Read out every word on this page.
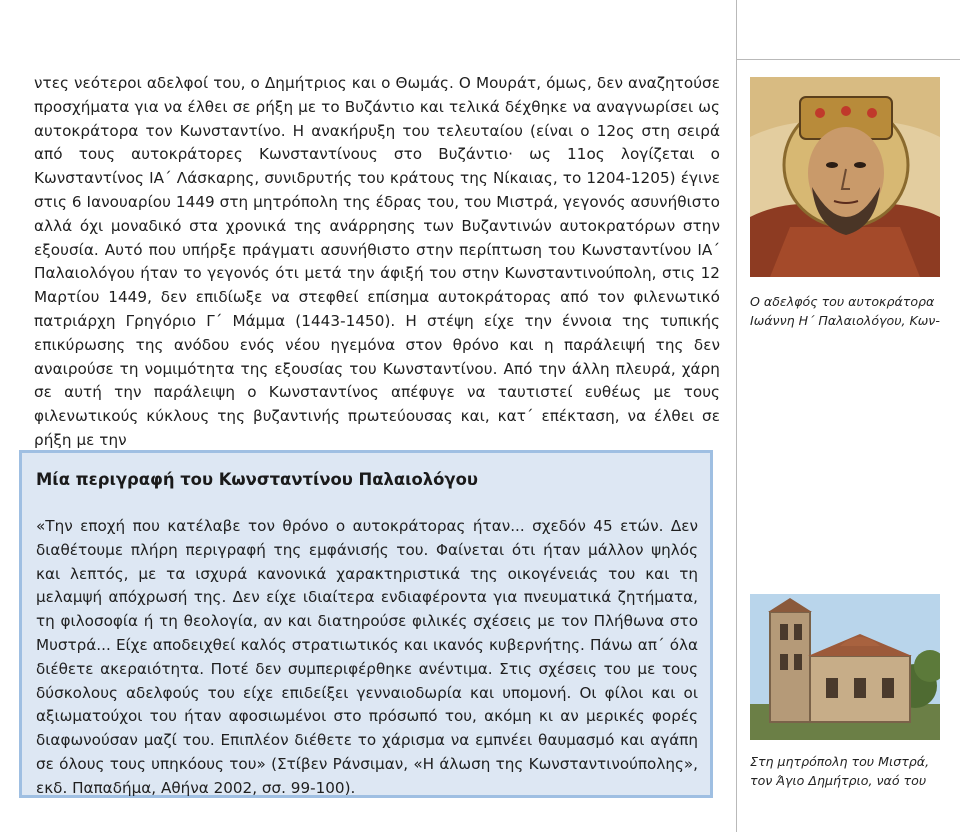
ντες νεότεροι αδελφοί του, ο Δημήτριος και ο Θωμάς. Ο Μουράτ, όμως, δεν αναζητούσε προσχήματα για να έλθει σε ρήξη με το Βυζάντιο και τελικά δέχθηκε να αναγνωρίσει ως αυτοκράτορα τον Κωνσταντίνο. Η ανακήρυξη του τελευταίου (είναι ο 12ος στη σειρά από τους αυτοκράτορες Κωνσταντίνους στο Βυζάντιο· ως 11ος λογίζεται ο Κωνσταντίνος ΙΑ΄ Λάσκαρης, συνιδρυτής του κράτους της Νίκαιας, το 1204-1205) έγινε στις 6 Ιανουαρίου 1449 στη μητρόπολη της έδρας του, του Μιστρά, γεγονός ασυνήθιστο αλλά όχι μοναδικό στα χρονικά της ανάρρησης των Βυζαντινών αυτοκρατόρων στην εξουσία. Αυτό που υπήρξε πράγματι ασυνήθιστο στην περίπτωση του Κωνσταντίνου ΙΑ΄ Παλαιολόγου ήταν το γεγονός ότι μετά την άφιξή του στην Κωνσταντινούπολη, στις 12 Μαρτίου 1449, δεν επιδίωξε να στεφθεί επίσημα αυτοκράτορας από τον φιλενωτικό πατριάρχη Γρηγόριο Γ΄ Μάμμα (1443-1450). Η στέψη είχε την έννοια της τυπικής επικύρωσης της ανόδου ενός νέου ηγεμόνα στον θρόνο και η παράλειψή της δεν αναιρούσε τη νομιμότητα της εξουσίας του Κωνσταντίνου. Από την άλλη πλευρά, χάρη σε αυτή την παράλειψη ο Κωνσταντίνος απέφυγε να ταυτιστεί ευθέως με τους φιλενωτικούς κύκλους της βυζαντινής πρωτεύουσας και, κατ΄ επέκταση, να έλθει σε ρήξη με την

Μία περιγραφή του Κωνσταντίνου Παλαιολόγου

«Την εποχή που κατέλαβε τον θρόνο ο αυτοκράτορας ήταν... σχεδόν 45 ετών. Δεν διαθέτουμε πλήρη περιγραφή της εμφάνισής του. Φαίνεται ότι ήταν μάλλον ψηλός και λεπτός, με τα ισχυρά κανονικά χαρακτηριστικά της οικογένειάς του και τη μελαμψή απόχρωσή της. Δεν είχε ιδιαίτερα ενδιαφέροντα για πνευματικά ζητήματα, τη φιλοσοφία ή τη θεολογία, αν και διατηρούσε φιλικές σχέσεις με τον Πλήθωνα στο Μυστρά... Είχε αποδειχθεί καλός στρατιωτικός και ικανός κυβερνήτης. Πάνω απ΄ όλα διέθετε ακεραιότητα. Ποτέ δεν συμπεριφέρθηκε ανέντιμα. Στις σχέσεις του με τους δύσκολους αδελφούς του είχε επιδείξει γενναιοδωρία και υπομονή. Οι φίλοι και οι αξιωματούχοι του ήταν αφοσιωμένοι στο πρόσωπό του, ακόμη κι αν μερικές φορές διαφωνούσαν μαζί του. Επιπλέον διέθετε το χάρισμα να εμπνέει θαυμασμό και αγάπη σε όλους τους υπηκόους του» (Στίβεν Ράνσιμαν, «Η άλωση της Κωνσταντινούπολης», εκδ. Παπαδήμα, Αθήνα 2002, σσ. 99-100).

Ο αδελφός του αυτοκράτορα Ιωάννη Η΄ Παλαιολόγου, Κων-

Στη μητρόπολη του Μιστρά, τον Άγιο Δημήτριο, ναό του
